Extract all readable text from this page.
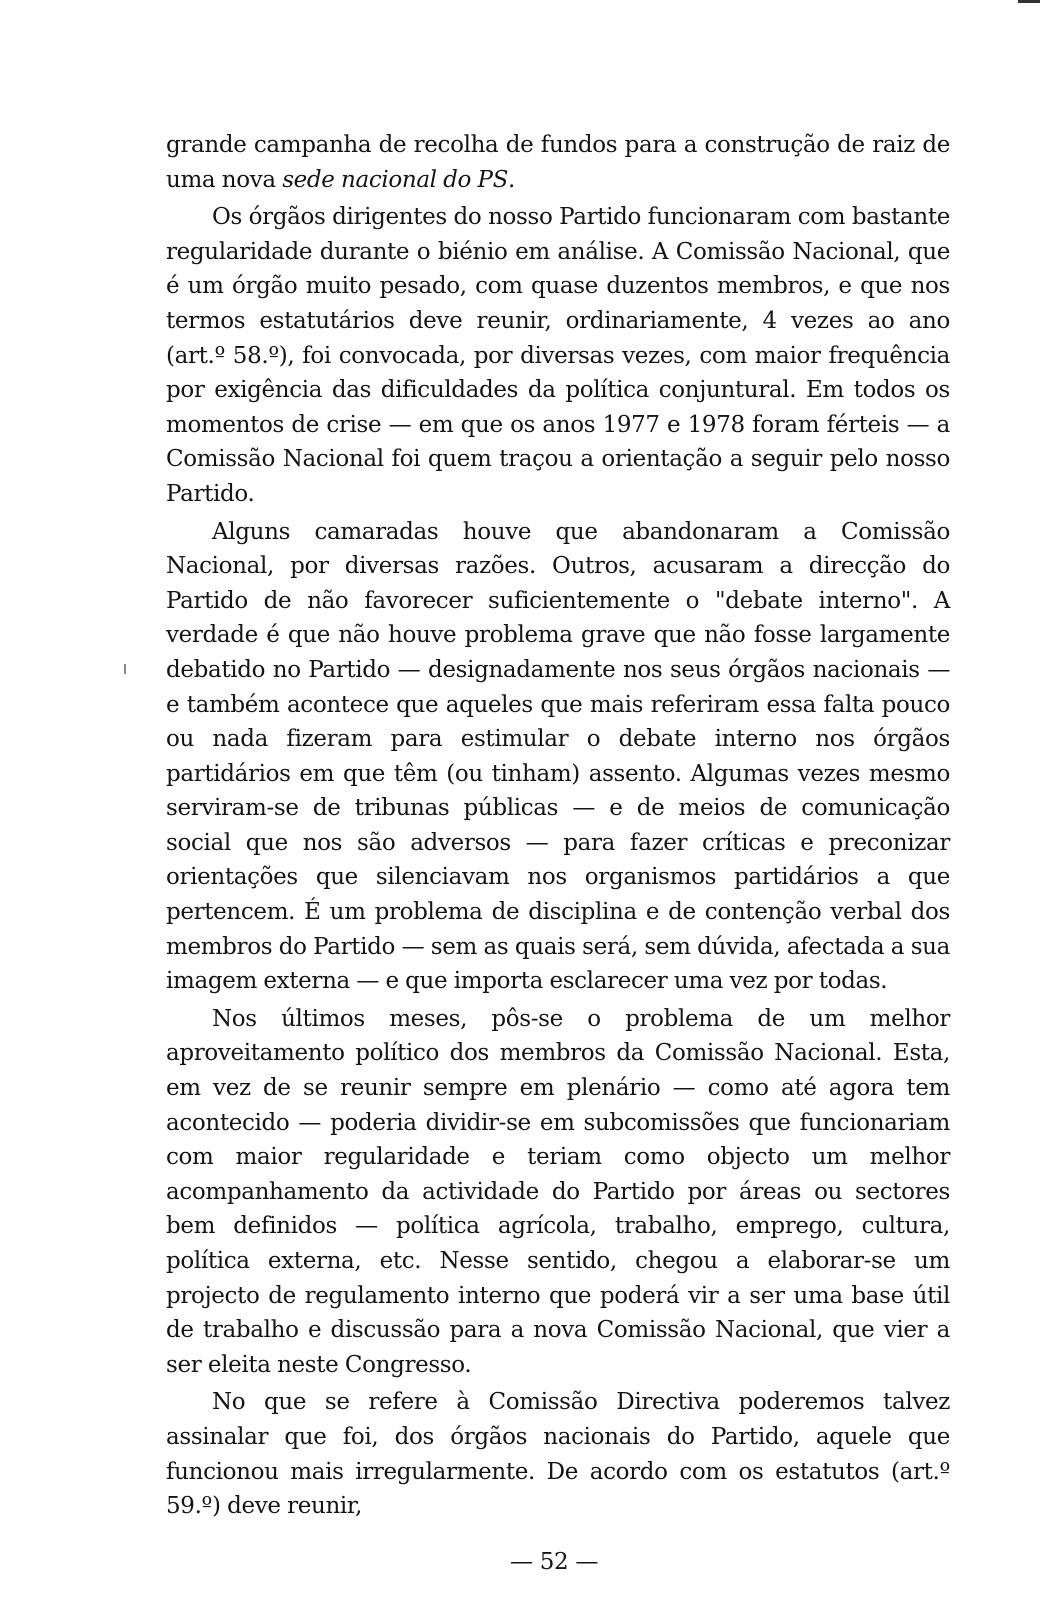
grande campanha de recolha de fundos para a construção de raiz de uma nova sede nacional do PS.

Os órgãos dirigentes do nosso Partido funcionaram com bastante regularidade durante o biénio em análise. A Comissão Nacional, que é um órgão muito pesado, com quase duzentos membros, e que nos termos estatutários deve reunir, ordinariamente, 4 vezes ao ano (art.º 58.º), foi convocada, por diversas vezes, com maior frequência por exigência das dificuldades da política conjuntural. Em todos os momentos de crise — em que os anos 1977 e 1978 foram férteis — a Comissão Nacional foi quem traçou a orientação a seguir pelo nosso Partido.

Alguns camaradas houve que abandonaram a Comissão Nacional, por diversas razões. Outros, acusaram a direcção do Partido de não favorecer suficientemente o "debate interno". A verdade é que não houve problema grave que não fosse largamente debatido no Partido — designadamente nos seus órgãos nacionais — e também acontece que aqueles que mais referiram essa falta pouco ou nada fizeram para estimular o debate interno nos órgãos partidários em que têm (ou tinham) assento. Algumas vezes mesmo serviram-se de tribunas públicas — e de meios de comunicação social que nos são adversos — para fazer críticas e preconizar orientações que silenciavam nos organismos partidários a que pertencem. É um problema de disciplina e de contenção verbal dos membros do Partido — sem as quais será, sem dúvida, afectada a sua imagem externa — e que importa esclarecer uma vez por todas.

Nos últimos meses, pôs-se o problema de um melhor aproveitamento político dos membros da Comissão Nacional. Esta, em vez de se reunir sempre em plenário — como até agora tem acontecido — poderia dividir-se em subcomissões que funcionariam com maior regularidade e teriam como objecto um melhor acompanhamento da actividade do Partido por áreas ou sectores bem definidos — política agrícola, trabalho, emprego, cultura, política externa, etc. Nesse sentido, chegou a elaborar-se um projecto de regulamento interno que poderá vir a ser uma base útil de trabalho e discussão para a nova Comissão Nacional, que vier a ser eleita neste Congresso.

No que se refere à Comissão Directiva poderemos talvez assinalar que foi, dos órgãos nacionais do Partido, aquele que funcionou mais irregularmente. De acordo com os estatutos (art.º 59.º) deve reunir,

— 52 —
